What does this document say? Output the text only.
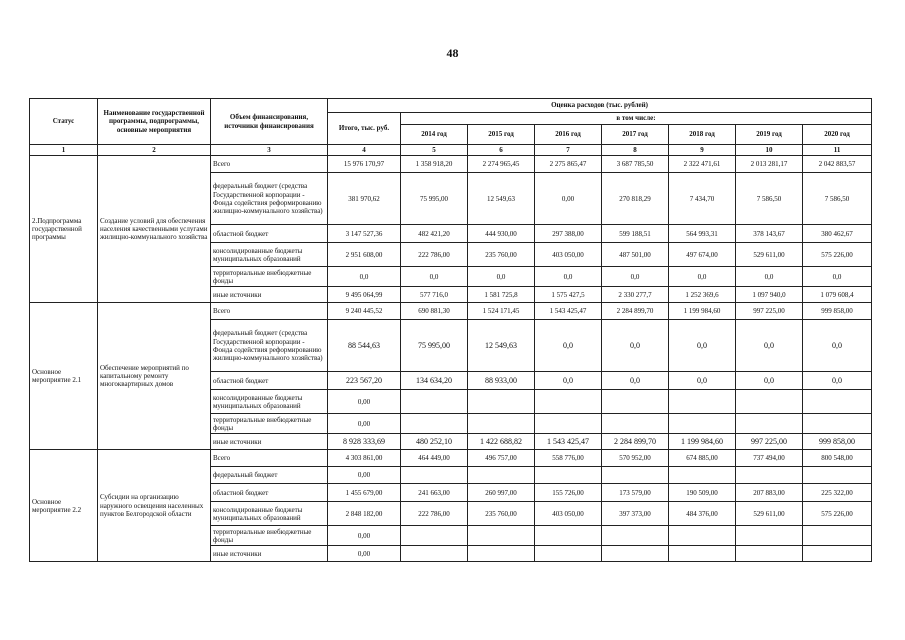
48
Статус	Наименование государственной программы, подпрограммы, основные мероприятия	Объем финансирования, источники финансирования	Оценка расходов (тыс. рублей)							
			Итого, тыс. руб.	в том числе:						
				2014 год	2015 год	2016 год	2017 год	2018 год	2019 год	2020 год
1	2	3	4	5	6	7	8	9	10	11
2.Подпрограмма государственной программы	Создание условий для обеспечения населения качественными услугами жилищно-коммунального хозяйства	Всего	15 976 170,97	1 358 918,20	2 274 965,45	2 275 865,47	3 687 785,50	2 322 471,61	2 013 281,17	2 042 883,57
		федеральный бюджет (средства Государственной корпорации - Фонда содействия реформированию жилищно-коммунального хозяйства)	381 970,62	75 995,00	12 549,63	0,00	270 818,29	7 434,70	7 586,50	7 586,50
		областной бюджет	3 147 527,36	482 421,20	444 930,00	297 388,00	599 188,51	564 993,31	378 143,67	380 462,67
		консолидированные бюджеты муниципальных образований	2 951 608,00	222 786,00	235 760,00	403 050,00	487 501,00	497 674,00	529 611,00	575 226,00
		территориальные внебюджетные фонды	0,0	0,0	0,0	0,0	0,0	0,0	0,0	0,0
		иные источники	9 495 064,99	577 716,0	1 581 725,8	1 575 427,5	2 330 277,7	1 252 369,6	1 097 940,0	1 079 608,4
Основное мероприятие 2.1	Обеспечение мероприятий по капитальному ремонту многоквартирных домов	Всего	9 240 445,52	690 881,30	1 524 171,45	1 543 425,47	2 284 899,70	1 199 984,60	997 225,00	999 858,00
		федеральный бюджет (средства Государственной корпорации - Фонда содействия реформированию жилищно-коммунального хозяйства)	88 544,63	75 995,00	12 549,63	0,0	0,0	0,0	0,0	0,0
		областной бюджет	223 567,20	134 634,20	88 933,00	0,0	0,0	0,0	0,0	0,0
		консолидированные бюджеты муниципальных образований	0,00							
		территориальные внебюджетные фонды	0,00							
		иные источники	8 928 333,69	480 252,10	1 422 688,82	1 543 425,47	2 284 899,70	1 199 984,60	997 225,00	999 858,00
Основное мероприятие 2.2	Субсидии на организацию наружного освещения населенных пунктов Белгородской области	Всего	4 303 861,00	464 449,00	496 757,00	558 776,00	570 952,00	674 885,00	737 494,00	800 548,00
		федеральный бюджет	0,00							
		областной бюджет	1 455 679,00	241 663,00	260 997,00	155 726,00	173 579,00	190 509,00	207 883,00	225 322,00
		консолидированные бюджеты муниципальных образований	2 848 182,00	222 786,00	235 760,00	403 050,00	397 373,00	484 376,00	529 611,00	575 226,00
		территориальные внебюджетные фонды	0,00							
		иные источники	0,00							
